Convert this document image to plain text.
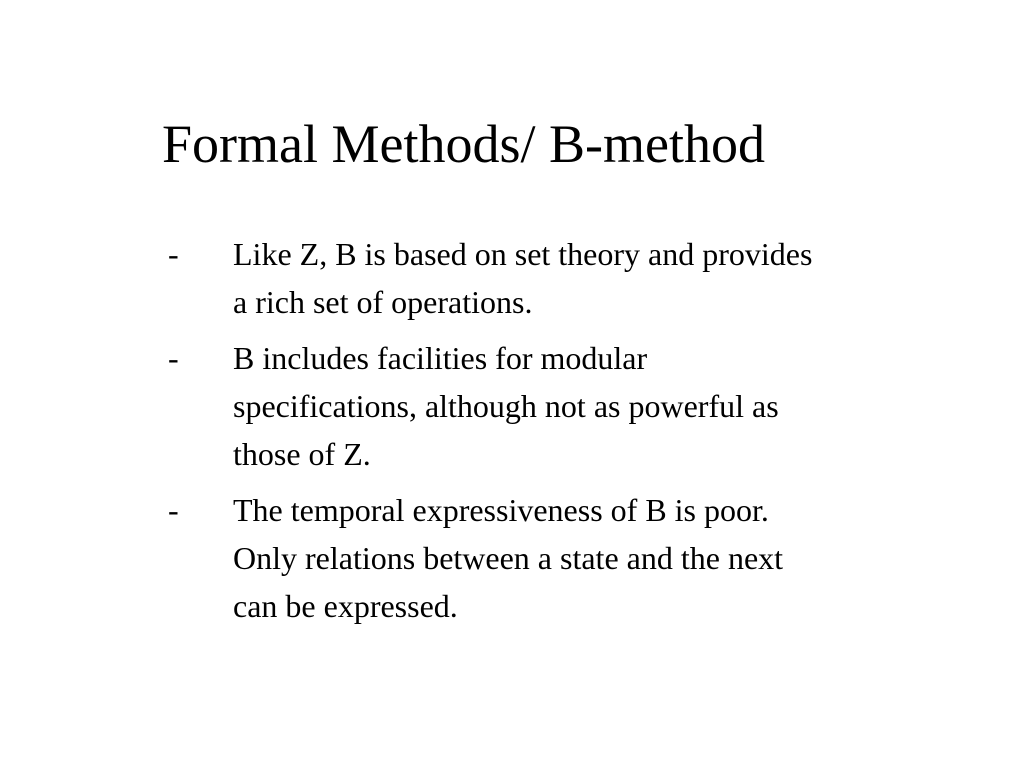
Formal Methods/ B-method
- Like Z, B is based on set theory and provides
a rich set of operations.
- B includes facilities for modular
specifications, although not as powerful as
those of Z.
- The temporal expressiveness of B is poor.
Only relations between a state and the next
can be expressed.
